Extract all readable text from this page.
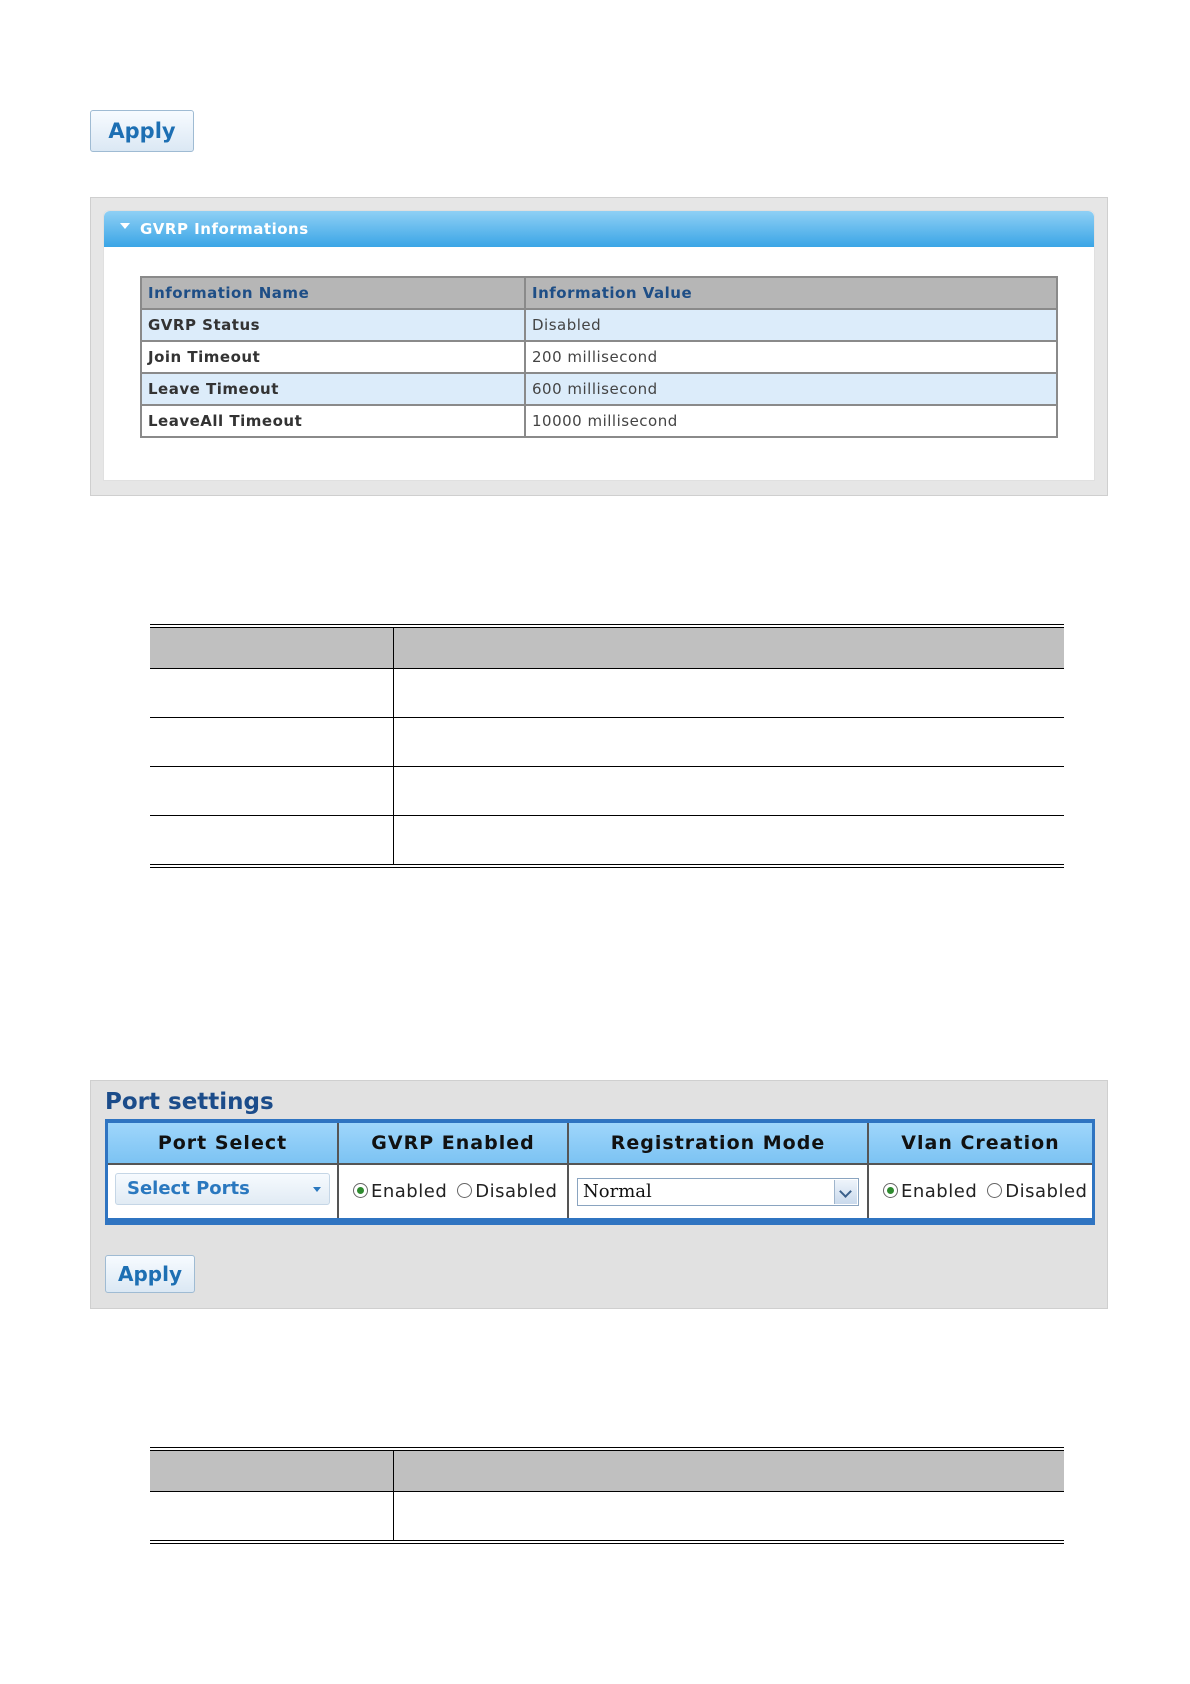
Apply
GVRP Informations
Information Name	Information Value
GVRP Status	Disabled
Join Timeout	200 millisecond
Leave Timeout	600 millisecond
LeaveAll Timeout	10000 millisecond
Port settings
Port Select	GVRP Enabled	Registration Mode	Vlan Creation
Select Ports	Enabled Disabled	Normal	Enabled Disabled
Apply
